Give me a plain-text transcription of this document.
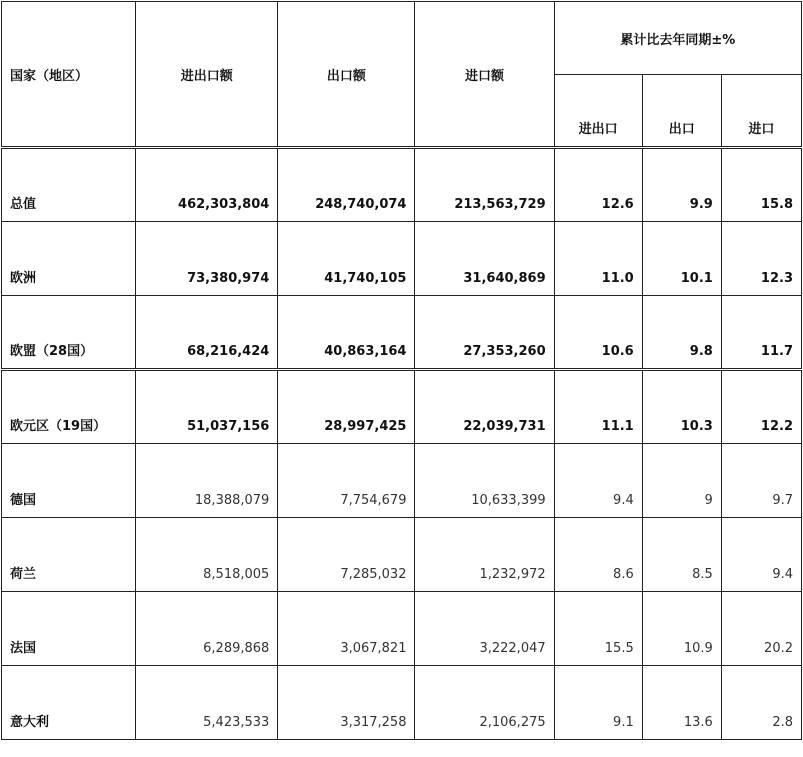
国家（地区）	进出口额	出口额	进口额	累计比去年同期±%		
				进出口	出口	进口
总值	462,303,804	248,740,074	213,563,729	12.6	9.9	15.8
欧洲	73,380,974	41,740,105	31,640,869	11.0	10.1	12.3
欧盟（28国）	68,216,424	40,863,164	27,353,260	10.6	9.8	11.7
欧元区（19国）	51,037,156	28,997,425	22,039,731	11.1	10.3	12.2
德国	18,388,079	7,754,679	10,633,399	9.4	9	9.7
荷兰	8,518,005	7,285,032	1,232,972	8.6	8.5	9.4
法国	6,289,868	3,067,821	3,222,047	15.5	10.9	20.2
意大利	5,423,533	3,317,258	2,106,275	9.1	13.6	2.8
